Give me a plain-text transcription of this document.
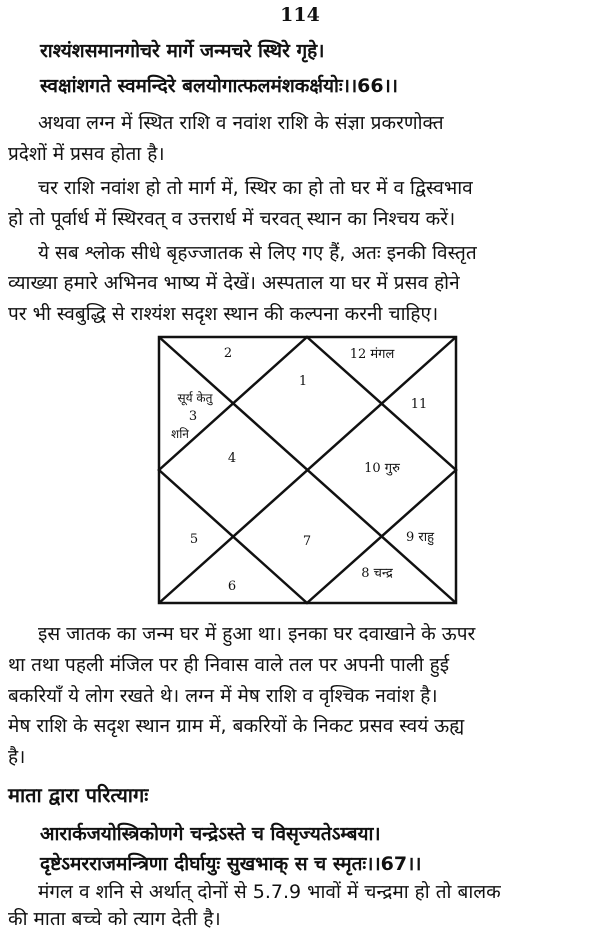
114
राश्यंशसमानगोचरे मार्गे जन्मचरे स्थिरे गृहे।
स्वक्षांशगते स्वमन्दिरे बलयोगात्फलमंशकर्क्षयोः।।66।।
अथवा लग्न में स्थित राशि व नवांश राशि के संज्ञा प्रकरणोक्त
प्रदेशों में प्रसव होता है।
चर राशि नवांश हो तो मार्ग में, स्थिर का हो तो घर में व द्विस्वभाव
हो तो पूर्वार्ध में स्थिरवत् व उत्तरार्ध में चरवत् स्थान का निश्चय करें।
ये सब श्लोक सीधे बृहज्जातक से लिए गए हैं, अतः इनकी विस्तृत
व्याख्या हमारे अभिनव भाष्य में देखें। अस्पताल या घर में प्रसव होने
पर भी स्वबुद्धि से राश्यंश सदृश स्थान की कल्पना करनी चाहिए।
2
1
12 मंगल
11
सूर्य केतु
3
शनि
4
10 गुरु
5	7	9 राहु
8 चन्द्र
6
इस जातक का जन्म घर में हुआ था। इनका घर दवाखाने के ऊपर
था तथा पहली मंजिल पर ही निवास वाले तल पर अपनी पाली हुई
बकरियाँ ये लोग रखते थे। लग्न में मेष राशि व वृश्चिक नवांश है।
मेष राशि के सदृश स्थान ग्राम में, बकरियों के निकट प्रसव स्वयं ऊह्य
है।
माता द्वारा परित्यागः
आरार्कजयोस्त्रिकोणगे चन्द्रेऽस्ते च विसृज्यतेऽम्बया।
दृष्टेऽमरराजमन्त्रिणा दीर्घायुः सुखभाक् स च स्मृतः।।67।।
मंगल व शनि से अर्थात् दोनों से 5.7.9 भावों में चन्द्रमा हो तो बालक
की माता बच्चे को त्याग देती है।
